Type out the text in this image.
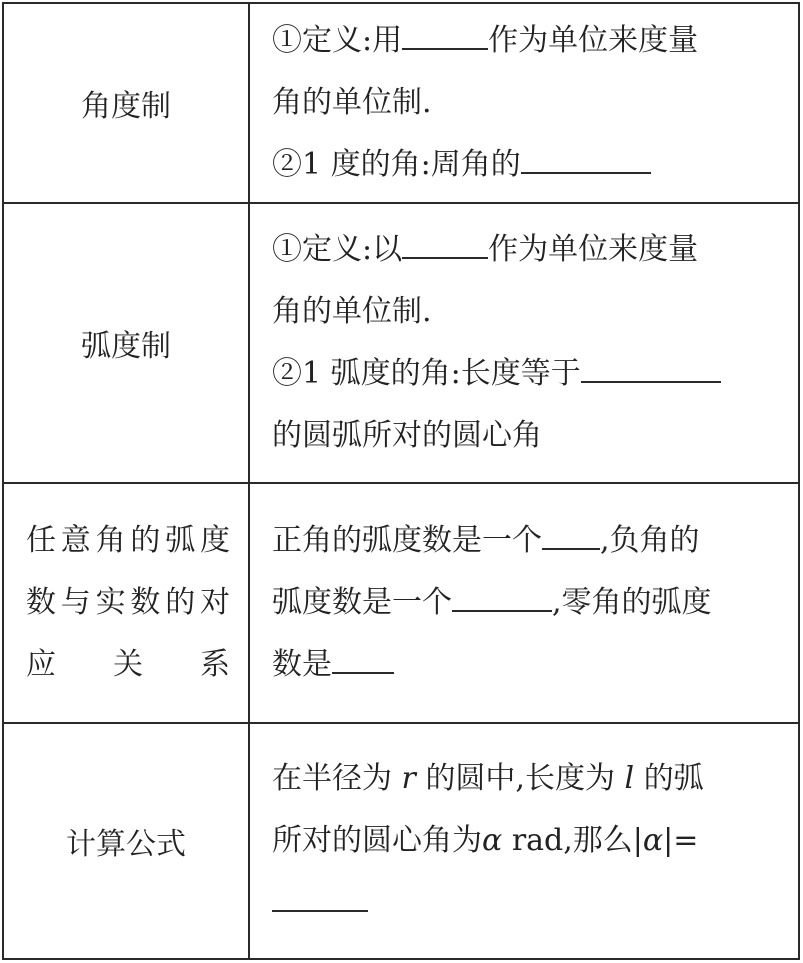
角度制	①定义:用 作为单位来度量
角的单位制.
②1 度的角:周角的

弧度制	①定义:以 作为单位来度量
角的单位制.
②1 弧度的角:长度等于
的圆弧所对的圆心角

任意角的弧度数与实数的对应关系	正角的弧度数是一个 ,负角的
弧度数是一个 ,零角的弧度
数是

计算公式	在半径为 r 的圆中,长度为 l 的弧
所对的圆心角为α rad,那么|α|=
